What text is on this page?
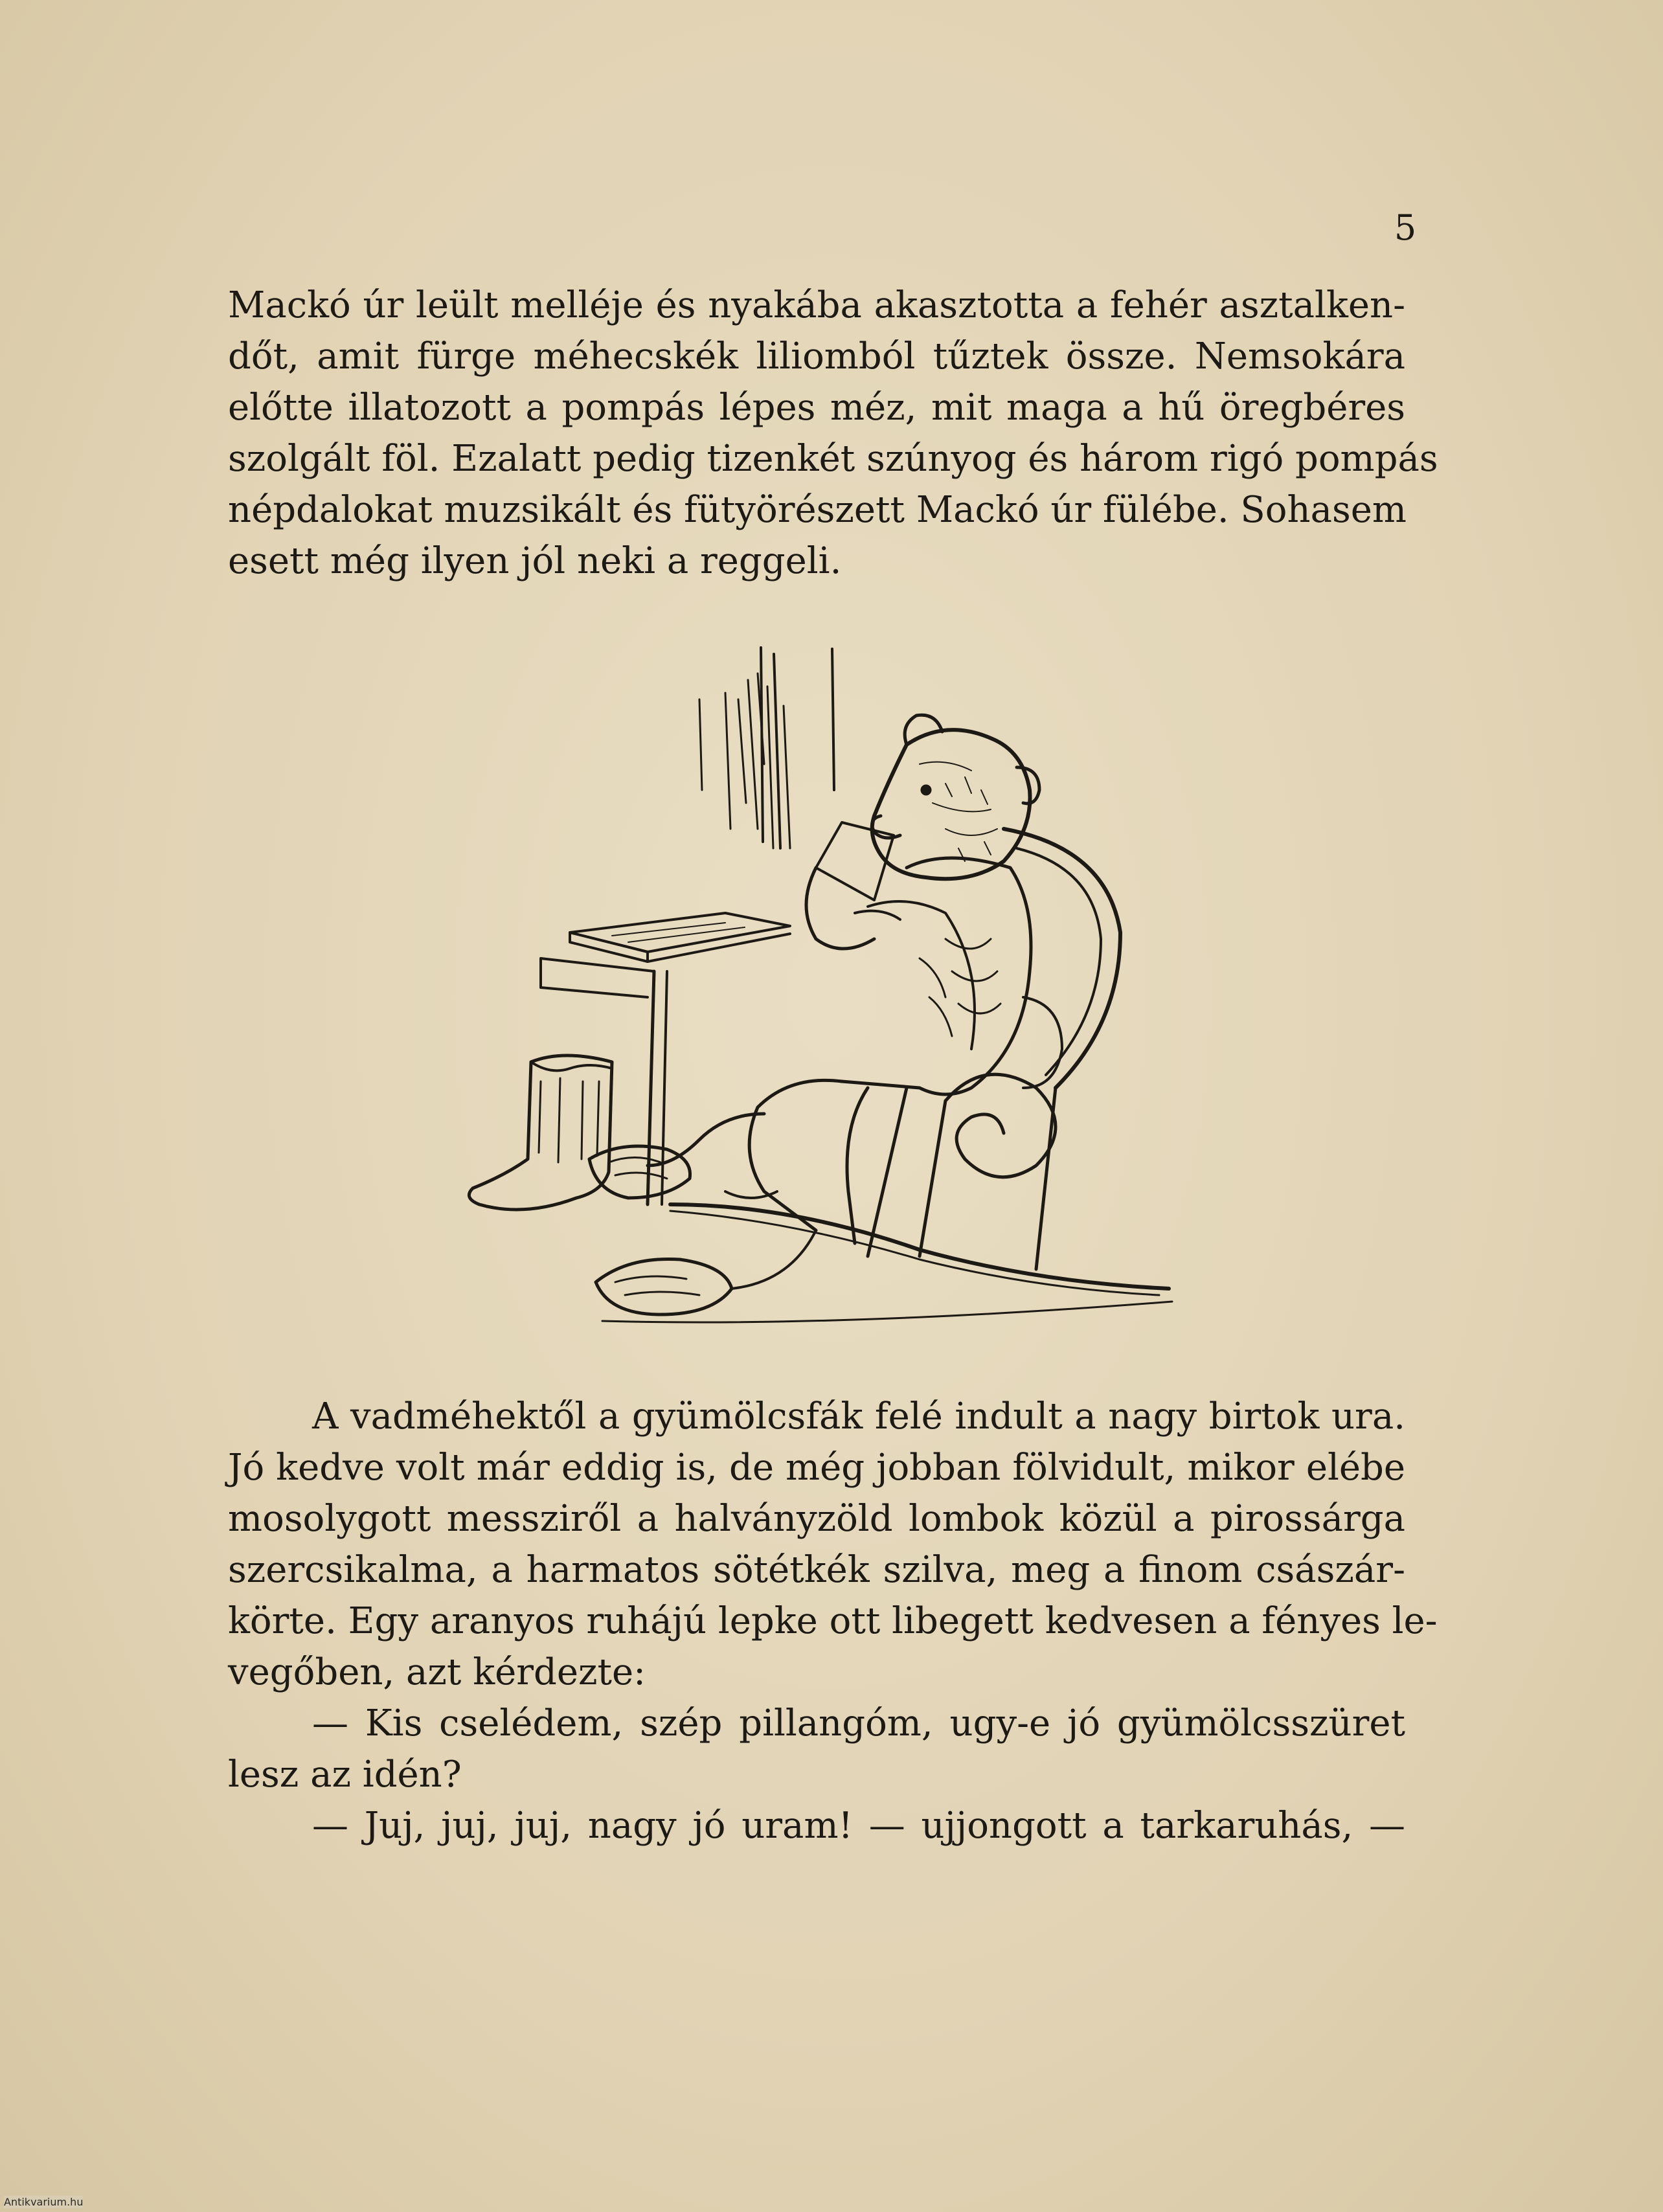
5
Mackó úr leült melléje és nyakába akasztotta a fehér asztalken-
dőt, amit fürge méhecskék liliomból tűztek össze. Nemsokára
előtte illatozott a pompás lépes méz, mit maga a hű öregbéres
szolgált föl. Ezalatt pedig tizenkét szúnyog és három rigó pompás
népdalokat muzsikált és fütyörészett Mackó úr fülébe. Sohasem
esett még ilyen jól neki a reggeli.
A vadméhektől a gyümölcsfák felé indult a nagy birtok ura.
Jó kedve volt már eddig is, de még jobban fölvidult, mikor elébe
mosolygott messziről a halványzöld lombok közül a pirossárga
szercsikalma, a harmatos sötétkék szilva, meg a finom császár-
körte. Egy aranyos ruhájú lepke ott libegett kedvesen a fényes le-
vegőben, azt kérdezte:
— Kis cselédem, szép pillangóm, ugy-e jó gyümölcsszüret
lesz az idén?
— Juj, juj, juj, nagy jó uram! — ujjongott a tarkaruhás, —
Antikvarium.hu
